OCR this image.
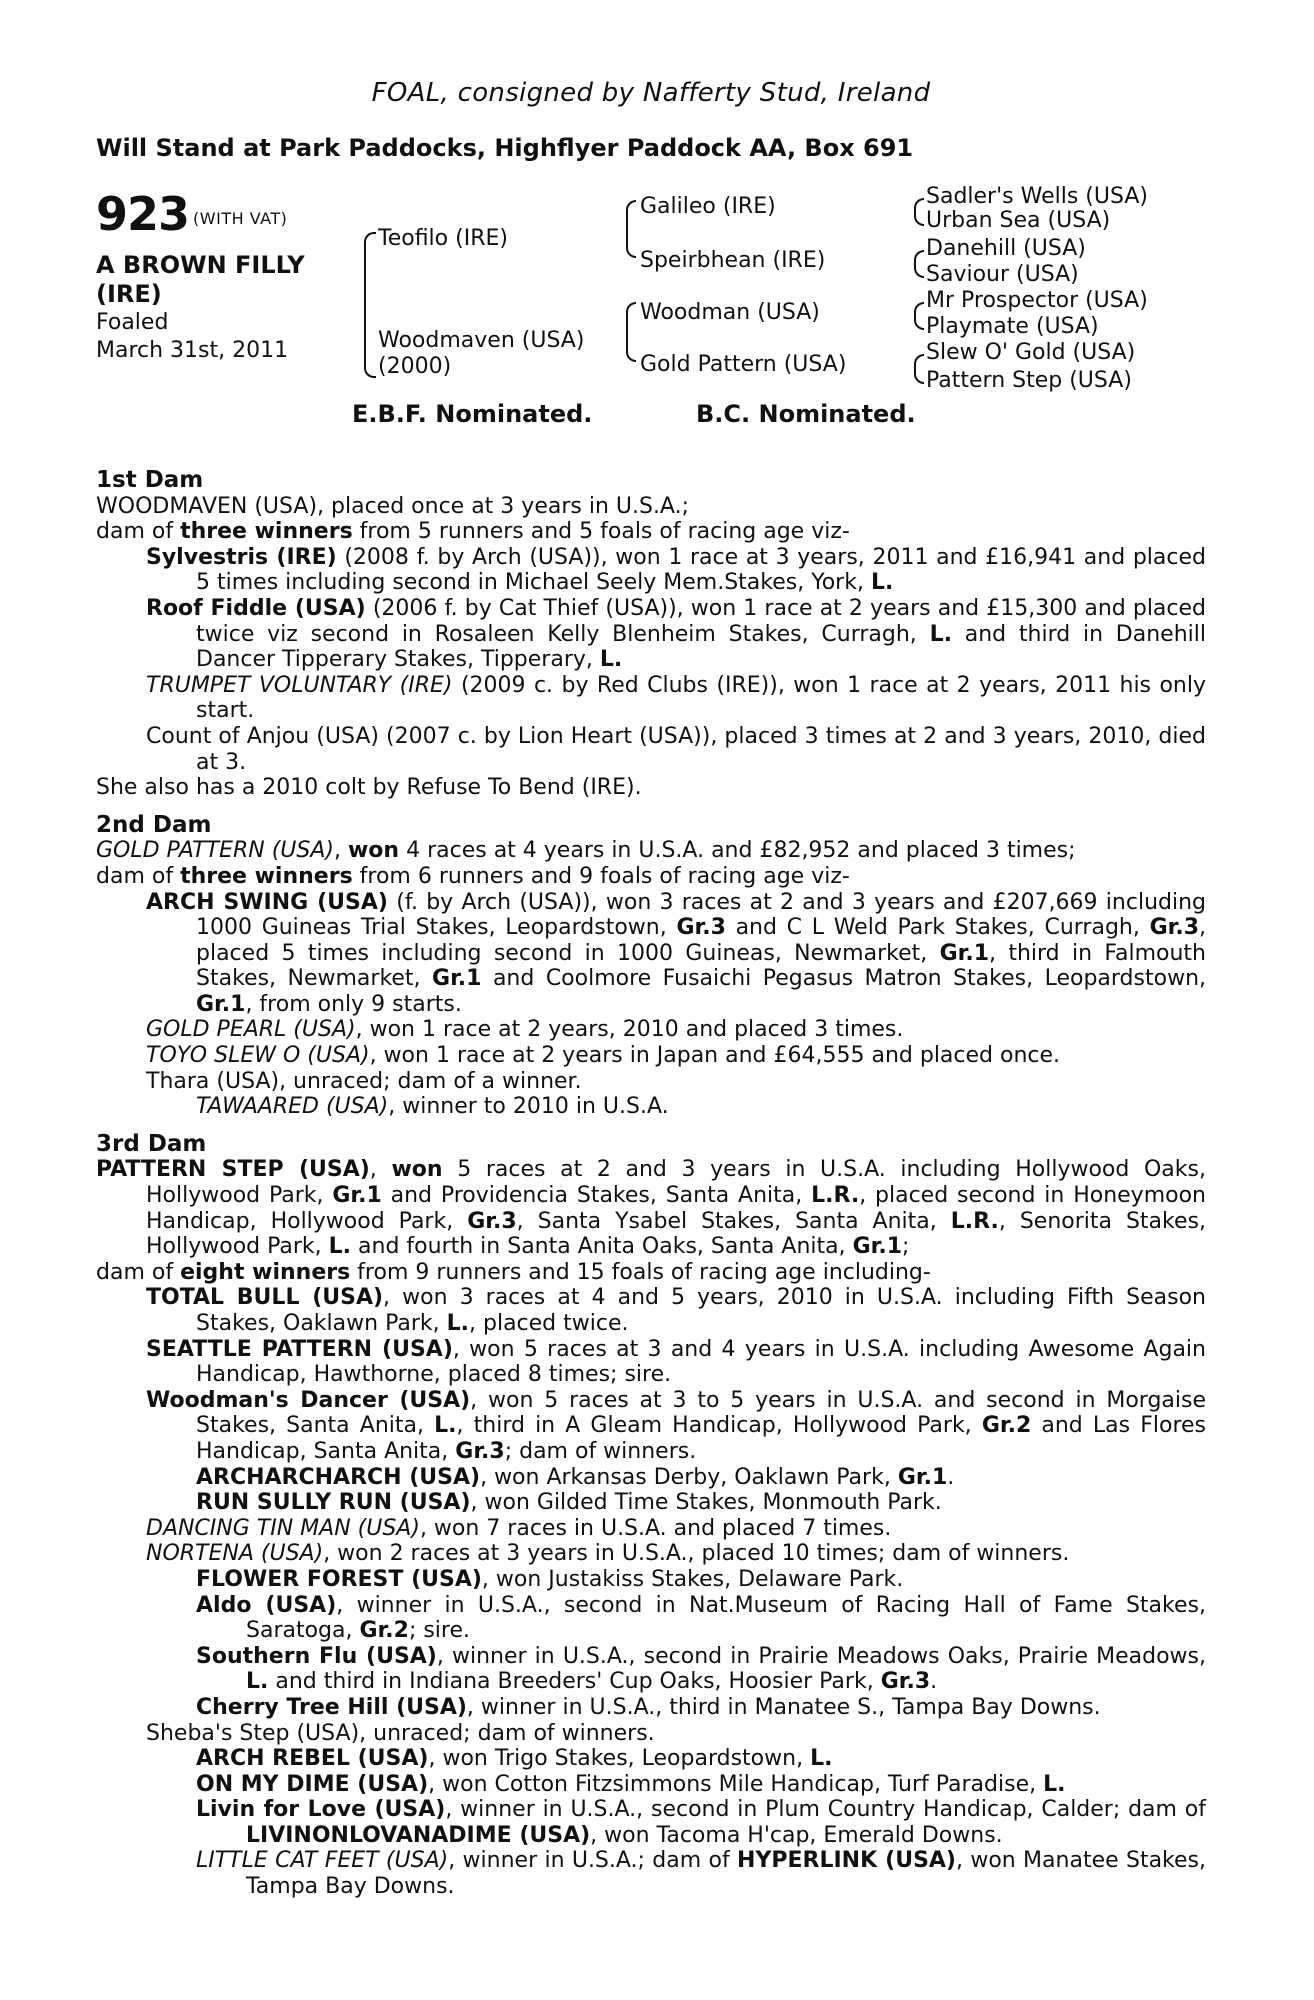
FOAL, consigned by Nafferty Stud, Ireland
Will Stand at Park Paddocks, Highflyer Paddock AA, Box 691
923 (WITH VAT)
A BROWN FILLY
(IRE)
Foaled
March 31st, 2011
Teofilo (IRE)
Woodmaven (USA)
(2000)
Galileo (IRE)
Speirbhean (IRE)
Woodman (USA)
Gold Pattern (USA)
Sadler's Wells (USA)
Urban Sea (USA)
Danehill (USA)
Saviour (USA)
Mr Prospector (USA)
Playmate (USA)
Slew O' Gold (USA)
Pattern Step (USA)
E.B.F. Nominated.	B.C. Nominated.
1st Dam

WOODMAVEN (USA), placed once at 3 years in U.S.A.;

dam of three winners from 5 runners and 5 foals of racing age viz-

Sylvestris (IRE) (2008 f. by Arch (USA)), won 1 race at 3 years, 2011 and £16,941 and placed 5 times including second in Michael Seely Mem.Stakes, York, L.

Roof Fiddle (USA) (2006 f. by Cat Thief (USA)), won 1 race at 2 years and £15,300 and placed twice viz second in Rosaleen Kelly Blenheim Stakes, Curragh, L. and third in Danehill Dancer Tipperary Stakes, Tipperary, L.

TRUMPET VOLUNTARY (IRE) (2009 c. by Red Clubs (IRE)), won 1 race at 2 years, 2011 his only start.

Count of Anjou (USA) (2007 c. by Lion Heart (USA)), placed 3 times at 2 and 3 years, 2010, died at 3.

She also has a 2010 colt by Refuse To Bend (IRE).

2nd Dam

GOLD PATTERN (USA), won 4 races at 4 years in U.S.A. and £82,952 and placed 3 times;

dam of three winners from 6 runners and 9 foals of racing age viz-

ARCH SWING (USA) (f. by Arch (USA)), won 3 races at 2 and 3 years and £207,669 including 1000 Guineas Trial Stakes, Leopardstown, Gr.3 and C L Weld Park Stakes, Curragh, Gr.3, placed 5 times including second in 1000 Guineas, Newmarket, Gr.1, third in Falmouth Stakes, Newmarket, Gr.1 and Coolmore Fusaichi Pegasus Matron Stakes, Leopardstown, Gr.1, from only 9 starts.

GOLD PEARL (USA), won 1 race at 2 years, 2010 and placed 3 times.

TOYO SLEW O (USA), won 1 race at 2 years in Japan and £64,555 and placed once.

Thara (USA), unraced; dam of a winner.

TAWAARED (USA), winner to 2010 in U.S.A.

3rd Dam

PATTERN STEP (USA), won 5 races at 2 and 3 years in U.S.A. including Hollywood Oaks, Hollywood Park, Gr.1 and Providencia Stakes, Santa Anita, L.R., placed second in Honeymoon Handicap, Hollywood Park, Gr.3, Santa Ysabel Stakes, Santa Anita, L.R., Senorita Stakes, Hollywood Park, L. and fourth in Santa Anita Oaks, Santa Anita, Gr.1;

dam of eight winners from 9 runners and 15 foals of racing age including-

TOTAL BULL (USA), won 3 races at 4 and 5 years, 2010 in U.S.A. including Fifth Season Stakes, Oaklawn Park, L., placed twice.

SEATTLE PATTERN (USA), won 5 races at 3 and 4 years in U.S.A. including Awesome Again Handicap, Hawthorne, placed 8 times; sire.

Woodman's Dancer (USA), won 5 races at 3 to 5 years in U.S.A. and second in Morgaise Stakes, Santa Anita, L., third in A Gleam Handicap, Hollywood Park, Gr.2 and Las Flores Handicap, Santa Anita, Gr.3; dam of winners.

ARCHARCHARCH (USA), won Arkansas Derby, Oaklawn Park, Gr.1.

RUN SULLY RUN (USA), won Gilded Time Stakes, Monmouth Park.

DANCING TIN MAN (USA), won 7 races in U.S.A. and placed 7 times.

NORTENA (USA), won 2 races at 3 years in U.S.A., placed 10 times; dam of winners.

FLOWER FOREST (USA), won Justakiss Stakes, Delaware Park.

Aldo (USA), winner in U.S.A., second in Nat.Museum of Racing Hall of Fame Stakes, Saratoga, Gr.2; sire.

Southern Flu (USA), winner in U.S.A., second in Prairie Meadows Oaks, Prairie Meadows, L. and third in Indiana Breeders' Cup Oaks, Hoosier Park, Gr.3.

Cherry Tree Hill (USA), winner in U.S.A., third in Manatee S., Tampa Bay Downs.

Sheba's Step (USA), unraced; dam of winners.

ARCH REBEL (USA), won Trigo Stakes, Leopardstown, L.

ON MY DIME (USA), won Cotton Fitzsimmons Mile Handicap, Turf Paradise, L.

Livin for Love (USA), winner in U.S.A., second in Plum Country Handicap, Calder; dam of LIVINONLOVANADIME (USA), won Tacoma H'cap, Emerald Downs.

LITTLE CAT FEET (USA), winner in U.S.A.; dam of HYPERLINK (USA), won Manatee Stakes, Tampa Bay Downs.
